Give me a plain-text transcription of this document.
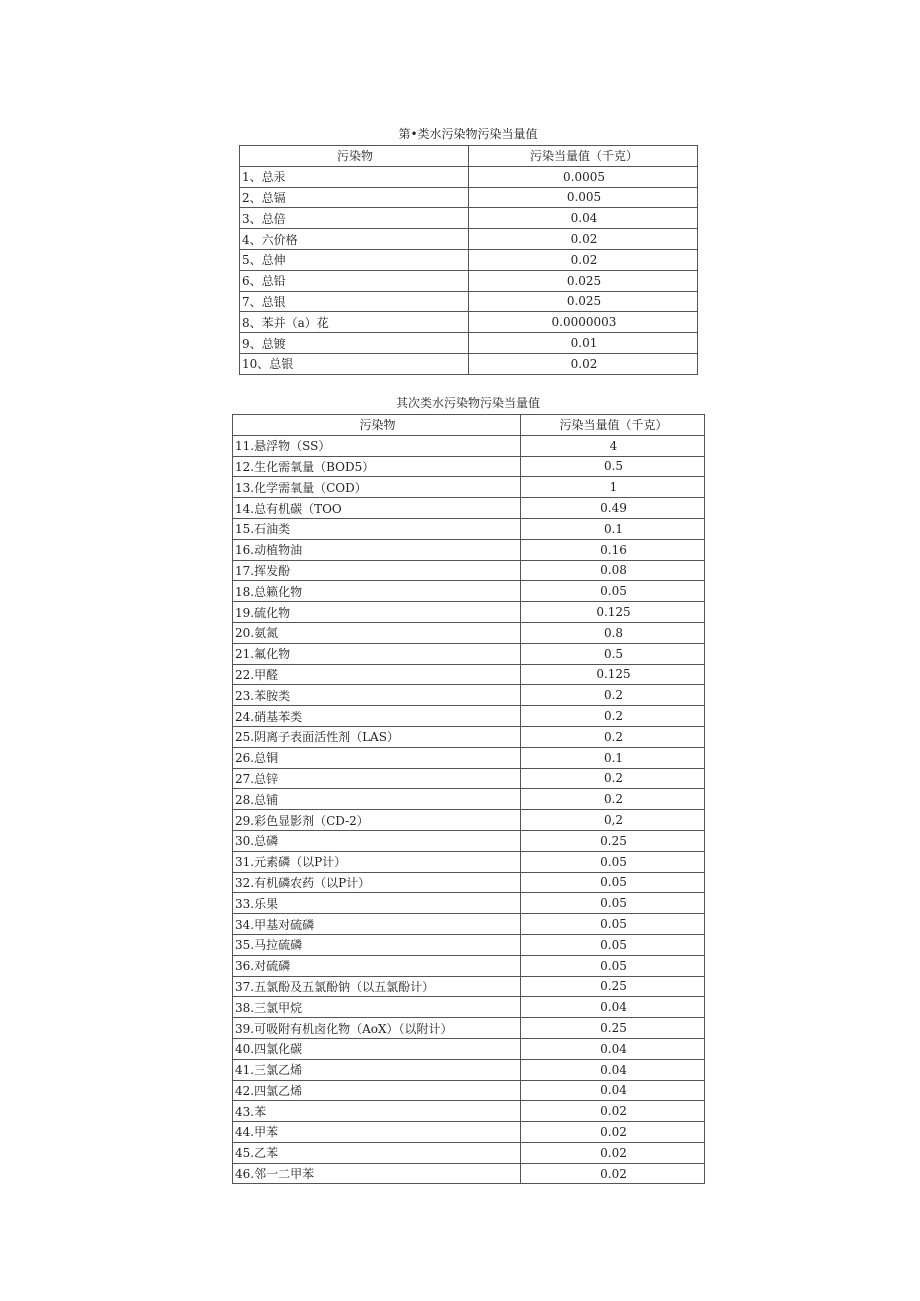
第•类水污染物污染当量值
污染物	污染当量值（千克）
1、总汞	0.0005
2、总镉	0.005
3、总倍	0.04
4、六价格	0.02
5、总伸	0.02
6、总铅	0.025
7、总银	0.025
8、苯并（a）花	0.0000003
9、总镀	0.01
10、总银	0.02
其次类水污染物污染当量值
污染物	污染当量值（千克）
11.悬浮物（SS）	4
12.生化需氧量（BOD5）	0.5
13.化学需氧量（COD）	1
14.总有机碳（TOO	0.49
15.石油类	0.1
16.动植物油	0.16
17.挥发酚	0.08
18.总籁化物	0.05
19.硫化物	0.125
20.氨氮	0.8
21.氟化物	0.5
22.甲醛	0.125
23.苯胺类	0.2
24.硝基苯类	0.2
25.阴离子表面活性剂（LAS）	0.2
26.总铜	0.1
27.总锌	0.2
28.总铺	0.2
29.彩色显影剂（CD-2）	0,2
30.总磷	0.25
31.元素磷（以P计）	0.05
32.有机磷农药（以P计）	0.05
33.乐果	0.05
34.甲基对硫磷	0.05
35.马拉硫磷	0.05
36.对硫磷	0.05
37.五氯酚及五氯酚钠（以五氯酚计）	0.25
38.三氯甲烷	0.04
39.可吸附有机卤化物（AoX）（以附计）	0.25
40.四氯化碳	0.04
41.三氯乙烯	0.04
42.四氯乙烯	0.04
43.苯	0.02
44.甲苯	0.02
45.乙苯	0.02
46.邻一二甲苯	0.02
